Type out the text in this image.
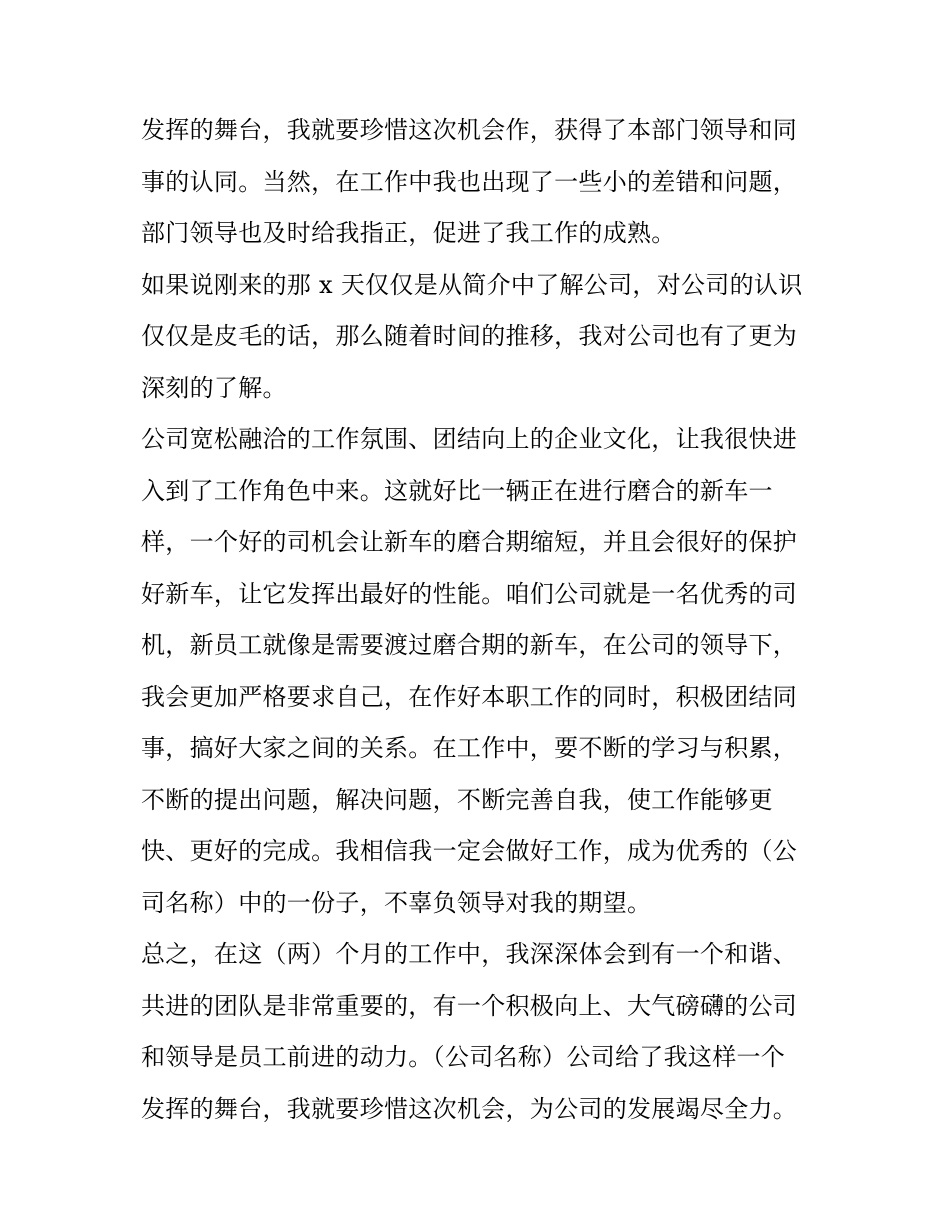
发挥的舞台，我就要珍惜这次机会作，获得了本部门领导和同
事的认同。当然，在工作中我也出现了一些小的差错和问题，
部门领导也及时给我指正，促进了我工作的成熟。
如果说刚来的那 x 天仅仅是从简介中了解公司，对公司的认识
仅仅是皮毛的话，那么随着时间的推移，我对公司也有了更为
深刻的了解。
公司宽松融洽的工作氛围、团结向上的企业文化，让我很快进
入到了工作角色中来。这就好比一辆正在进行磨合的新车一
样，一个好的司机会让新车的磨合期缩短，并且会很好的保护
好新车，让它发挥出最好的性能。咱们公司就是一名优秀的司
机，新员工就像是需要渡过磨合期的新车，在公司的领导下，
我会更加严格要求自己，在作好本职工作的同时，积极团结同
事，搞好大家之间的关系。在工作中，要不断的学习与积累，
不断的提出问题，解决问题，不断完善自我，使工作能够更
快、更好的完成。我相信我一定会做好工作，成为优秀的（公
司名称）中的一份子，不辜负领导对我的期望。
总之，在这（两）个月的工作中，我深深体会到有一个和谐、
共进的团队是非常重要的，有一个积极向上、大气磅礴的公司
和领导是员工前进的动力。（公司名称）公司给了我这样一个
发挥的舞台，我就要珍惜这次机会，为公司的发展竭尽全力。
